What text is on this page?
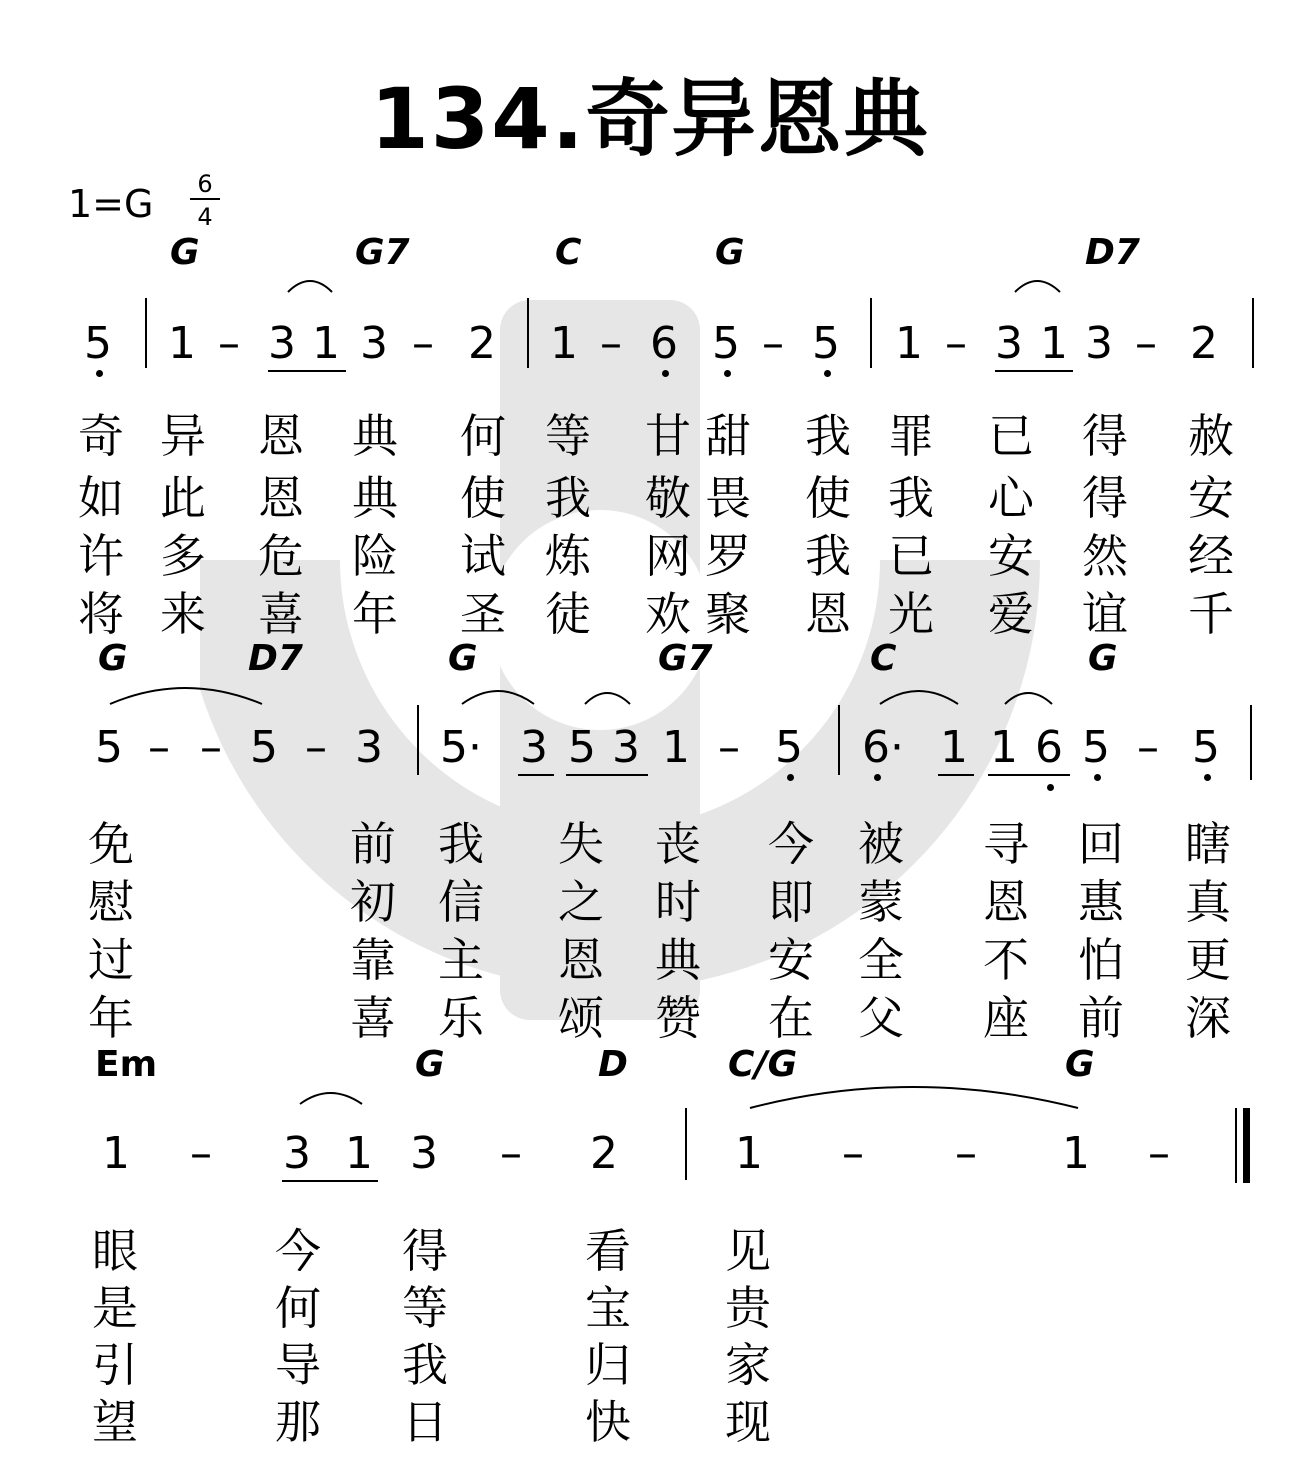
134.奇异恩典
1=G	6
4
G	G7	C	G	D7
5 1 – 3 1 3 – 2 1 – 6 5 – 5 1 – 3 1 3 – 2
奇 异 恩 典 何 等 甘 甜 我 罪 已 得 赦
如 此 恩 典 使 我 敬 畏 使 我 心 得 安
许 多 危 险 试 炼 网 罗 我 已 安 然 经
将 来 喜 年 圣 徒 欢 聚 恩 光 爱 谊 千
G	D7	G	G7	C	G
5 – – 5 – 3 5· 3 5 3 1 – 5 6· 1 1 6 5 – 5
免	前 我 失 丧 今 被 寻 回 瞎
慰	初 信 之 时 即 蒙 恩 惠 真
过	靠 主 恩 典 安 全 不 怕 更
年	喜 乐 颂 赞 在 父 座 前 深
Em	G	D	C/G	G
1 – 3 1 3 – 2	1 – – 1 –
眼	今 得	看 见
是	何 等	宝 贵
引	导 我	归 家
望	那 日	快 现
